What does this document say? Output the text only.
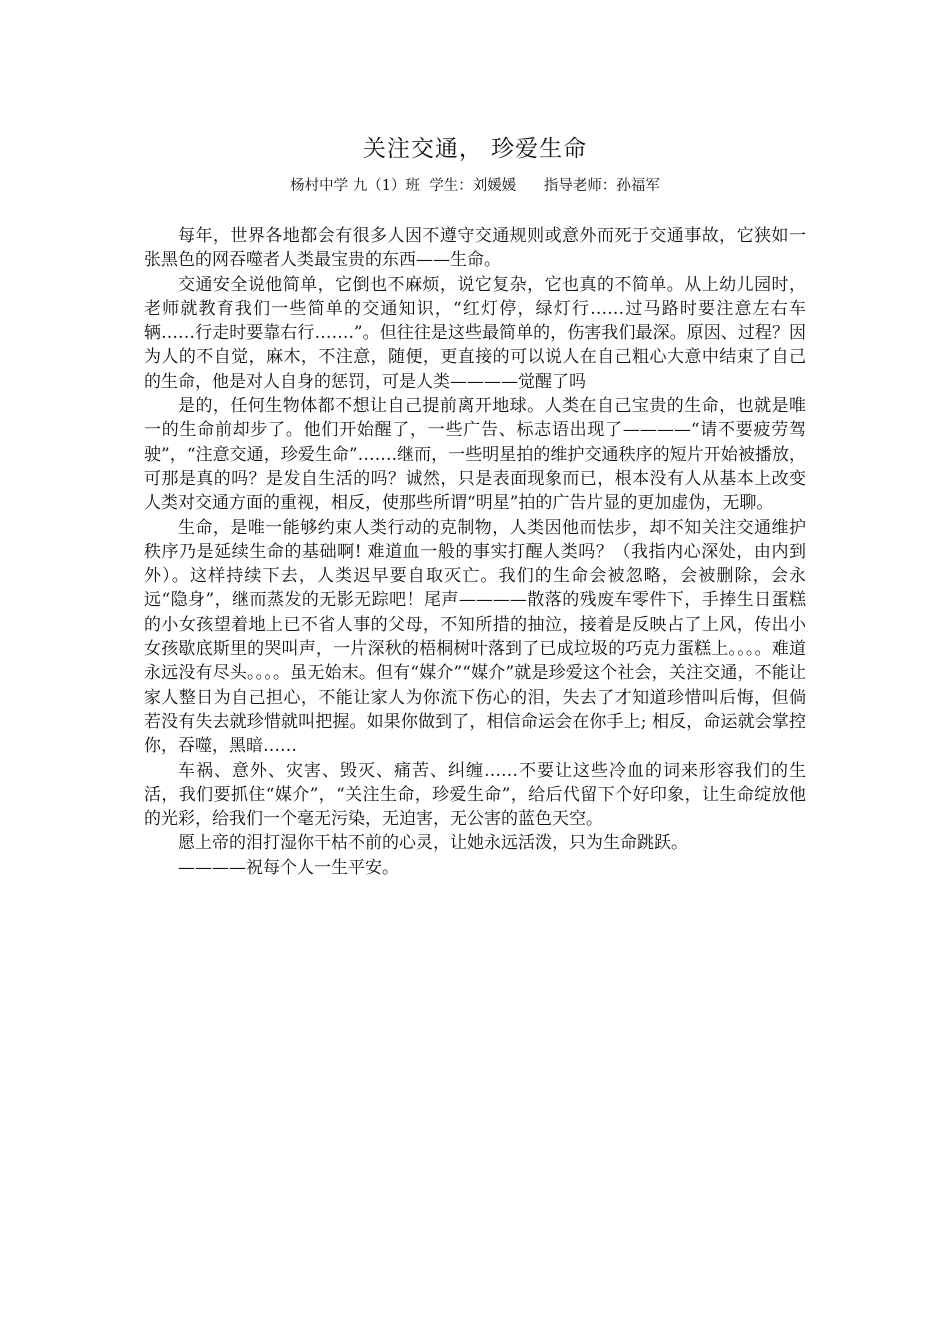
关注交通， 珍爱生命
杨村中学 九（1）班 学生：刘媛媛 指导老师：孙福军

每年，世界各地都会有很多人因不遵守交通规则或意外而死于交通事故，它狭如一张黑色的网吞噬者人类最宝贵的东西——生命。

交通安全说他简单，它倒也不麻烦，说它复杂，它也真的不简单。从上幼儿园时，老师就教育我们一些简单的交通知识，“红灯停，绿灯行……过马路时要注意左右车辆……行走时要靠右行…….”。但往往是这些最简单的，伤害我们最深。原因、过程？因为人的不自觉，麻木，不注意，随便，更直接的可以说人在自己粗心大意中结束了自己的生命，他是对人自身的惩罚，可是人类————觉醒了吗

是的，任何生物体都不想让自己提前离开地球。人类在自己宝贵的生命，也就是唯一的生命前却步了。他们开始醒了，一些广告、标志语出现了————“请不要疲劳驾驶”，“注意交通，珍爱生命”…….继而，一些明星拍的维护交通秩序的短片开始被播放，可那是真的吗？是发自生活的吗？诚然，只是表面现象而已，根本没有人从基本上改变人类对交通方面的重视，相反，使那些所谓“明星”拍的广告片显的更加虚伪，无聊。

生命，是唯一能够约束人类行动的克制物，人类因他而怯步，却不知关注交通维护秩序乃是延续生命的基础啊! 难道血一般的事实打醒人类吗？（我指内心深处，由内到外）。这样持续下去，人类迟早要自取灭亡。我们的生命会被忽略，会被删除，会永远“隐身”，继而蒸发的无影无踪吧！尾声————散落的残废车零件下，手捧生日蛋糕的小女孩望着地上已不省人事的父母，不知所措的抽泣，接着是反映占了上风，传出小女孩歇底斯里的哭叫声，一片深秋的梧桐树叶落到了已成垃圾的巧克力蛋糕上。。。。难道永远没有尽头。。。。虽无始末。但有“媒介”“媒介”就是珍爱这个社会，关注交通，不能让家人整日为自己担心，不能让家人为你流下伤心的泪，失去了才知道珍惜叫后悔，但倘若没有失去就珍惜就叫把握。如果你做到了，相信命运会在你手上; 相反，命运就会掌控你，吞噬，黑暗……

车祸、意外、灾害、毁灭、痛苦、纠缠……不要让这些冷血的词来形容我们的生活，我们要抓住“媒介”，“关注生命，珍爱生命”，给后代留下个好印象，让生命绽放他的光彩，给我们一个毫无污染，无迫害，无公害的蓝色天空。

愿上帝的泪打湿你干枯不前的心灵，让她永远活泼，只为生命跳跃。

————祝每个人一生平安。
